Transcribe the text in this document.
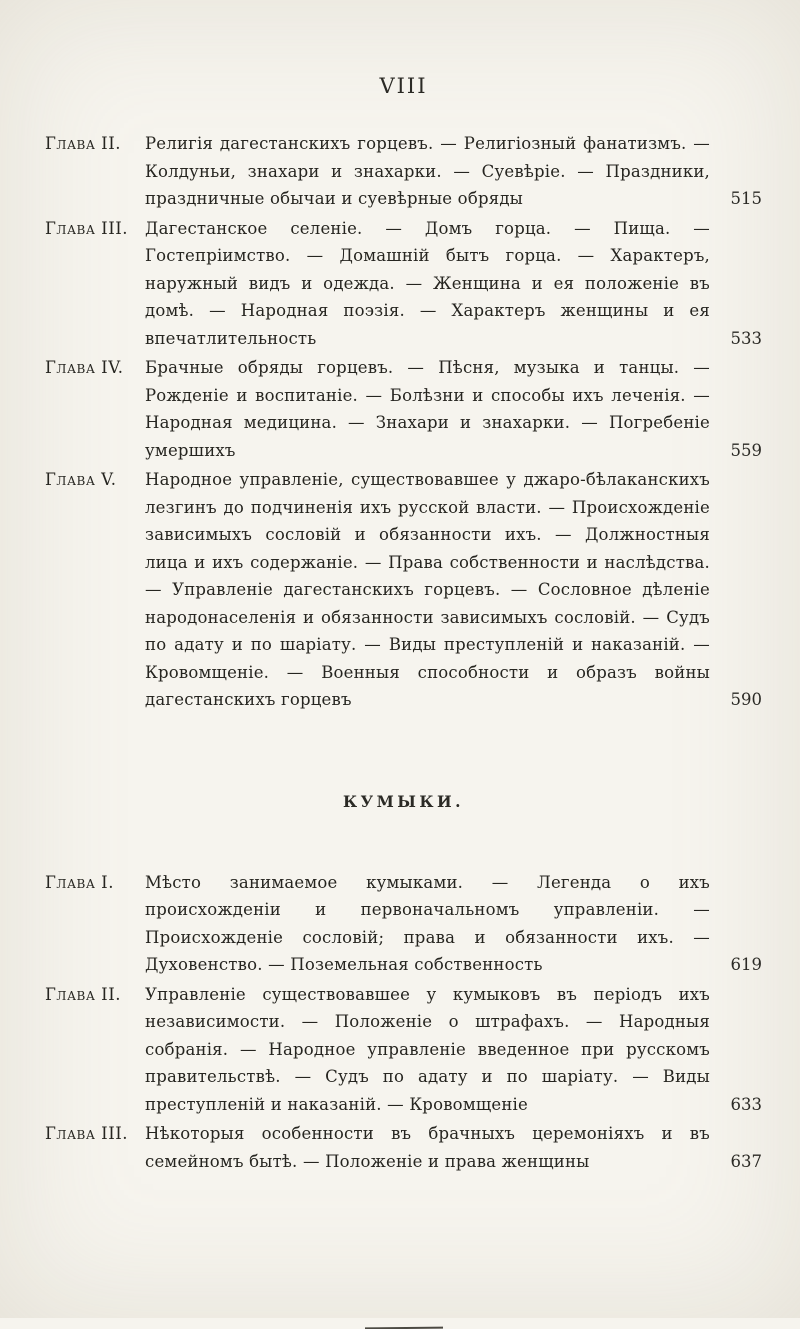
VIII
Глава II.	Религія дагестанскихъ горцевъ. — Религіозный фанатизмъ. — Колдуньи, знахари и знахарки. — Суевѣріе. — Праздники, праздничные обычаи и суевѣрные обряды	515
Глава III.	Дагестанское селеніе. — Домъ горца. — Пища. — Гостепріимство. — Домашній бытъ горца. — Характеръ, наружный видъ и одежда. — Женщина и ея положеніе въ домѣ. — Народная поэзія. — Характеръ женщины и ея впечатлительность	533
Глава IV.	Брачные обряды горцевъ. — Пѣсня, музыка и танцы. — Рожденіе и воспитаніе. — Болѣзни и способы ихъ леченія. — Народная медицина. — Знахари и знахарки. — Погребеніе умершихъ	559
Глава V.	Народное управленіе, существовавшее у джаро-бѣлаканскихъ лезгинъ до подчиненія ихъ русской власти. — Происхожденіе зависимыхъ сословій и обязанности ихъ. — Должностныя лица и ихъ содержаніе. — Права собственности и наслѣдства. — Управленіе дагестанскихъ горцевъ. — Сословное дѣленіе народонаселенія и обязанности зависимыхъ сословій. — Судъ по адату и по шаріату. — Виды преступленій и наказаній. — Кровомщеніе. — Военныя способности и образъ войны дагестанскихъ горцевъ	590
КУМЫКИ.
Глава I.	Мѣсто занимаемое кумыками. — Легенда о ихъ происхожденіи и первоначальномъ управленіи. — Происхожденіе сословій; права и обязанности ихъ. — Духовенство. — Поземельная собственность	619
Глава II.	Управленіе существовавшее у кумыковъ въ періодъ ихъ независимости. — Положеніе о штрафахъ. — Народныя собранія. — Народное управленіе введенное при русскомъ правительствѣ. — Судъ по адату и по шаріату. — Виды преступленій и наказаній. — Кровомщеніе	633
Глава III.	Нѣкоторыя особенности въ брачныхъ церемоніяхъ и въ семейномъ бытѣ. — Положеніе и права женщины	637
